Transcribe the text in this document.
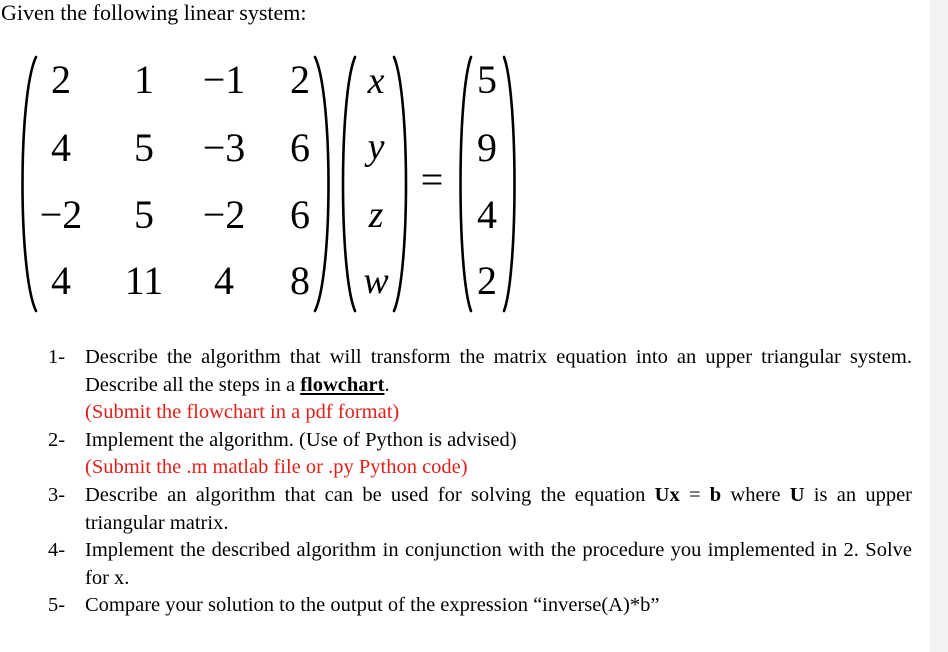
Given the following linear system:
2	1	−1	2
4	5	−3	6
−2	5	−2	6
4	11	4	8
x
y
z
w
=
5
9
4
2
1- Describe the algorithm that will transform the matrix equation into an upper triangular system. Describe all the steps in a flowchart.
(Submit the flowchart in a pdf format)
2- Implement the algorithm. (Use of Python is advised)
(Submit the .m matlab file or .py Python code)
3- Describe an algorithm that can be used for solving the equation Ux = b where U is an upper triangular matrix.
4- Implement the described algorithm in conjunction with the procedure you implemented in 2. Solve for x.
5- Compare your solution to the output of the expression “inverse(A)*b”
